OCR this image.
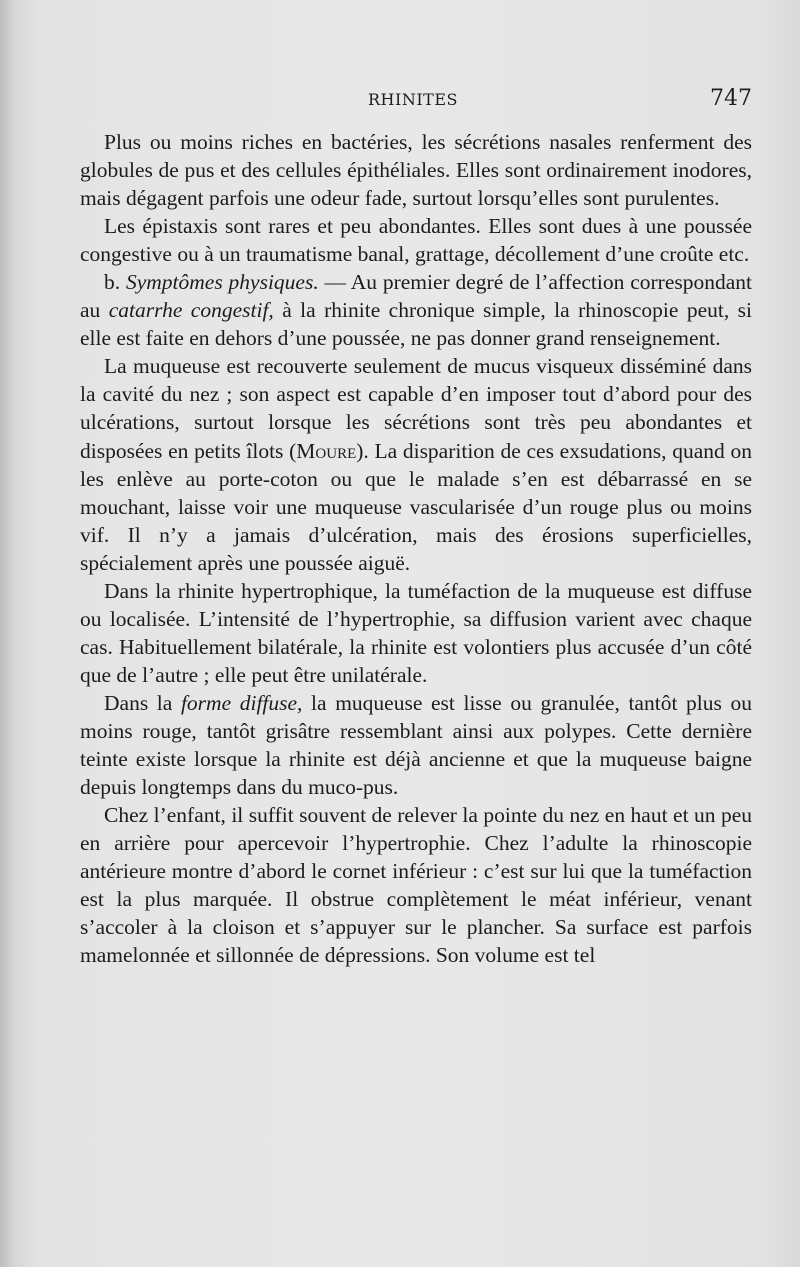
RHINITES	747

Plus ou moins riches en bactéries, les sécrétions nasales renferment des globules de pus et des cellules épithéliales. Elles sont ordinairement inodores, mais dégagent parfois une odeur fade, surtout lorsqu’elles sont purulentes.

Les épistaxis sont rares et peu abondantes. Elles sont dues à une poussée congestive ou à un traumatisme banal, grattage, décollement d’une croûte etc.

b. Symptômes physiques. — Au premier degré de l’affection correspondant au catarrhe congestif, à la rhinite chronique simple, la rhinoscopie peut, si elle est faite en dehors d’une poussée, ne pas donner grand renseignement.

La muqueuse est recouverte seulement de mucus visqueux disséminé dans la cavité du nez ; son aspect est capable d’en imposer tout d’abord pour des ulcérations, surtout lorsque les sécrétions sont très peu abondantes et disposées en petits îlots (Moure). La disparition de ces exsudations, quand on les enlève au porte-coton ou que le malade s’en est débarrassé en se mouchant, laisse voir une muqueuse vascularisée d’un rouge plus ou moins vif. Il n’y a jamais d’ulcération, mais des érosions superficielles, spécialement après une poussée aiguë.

Dans la rhinite hypertrophique, la tuméfaction de la muqueuse est diffuse ou localisée. L’intensité de l’hypertrophie, sa diffusion varient avec chaque cas. Habituellement bilatérale, la rhinite est volontiers plus accusée d’un côté que de l’autre ; elle peut être unilatérale.

Dans la forme diffuse, la muqueuse est lisse ou granulée, tantôt plus ou moins rouge, tantôt grisâtre ressemblant ainsi aux polypes. Cette dernière teinte existe lorsque la rhinite est déjà ancienne et que la muqueuse baigne depuis longtemps dans du muco-pus.

Chez l’enfant, il suffit souvent de relever la pointe du nez en haut et un peu en arrière pour apercevoir l’hypertrophie. Chez l’adulte la rhinoscopie antérieure montre d’abord le cornet inférieur : c’est sur lui que la tuméfaction est la plus marquée. Il obstrue complètement le méat inférieur, venant s’accoler à la cloison et s’appuyer sur le plancher. Sa surface est parfois mamelonnée et sillonnée de dépressions. Son volume est tel
